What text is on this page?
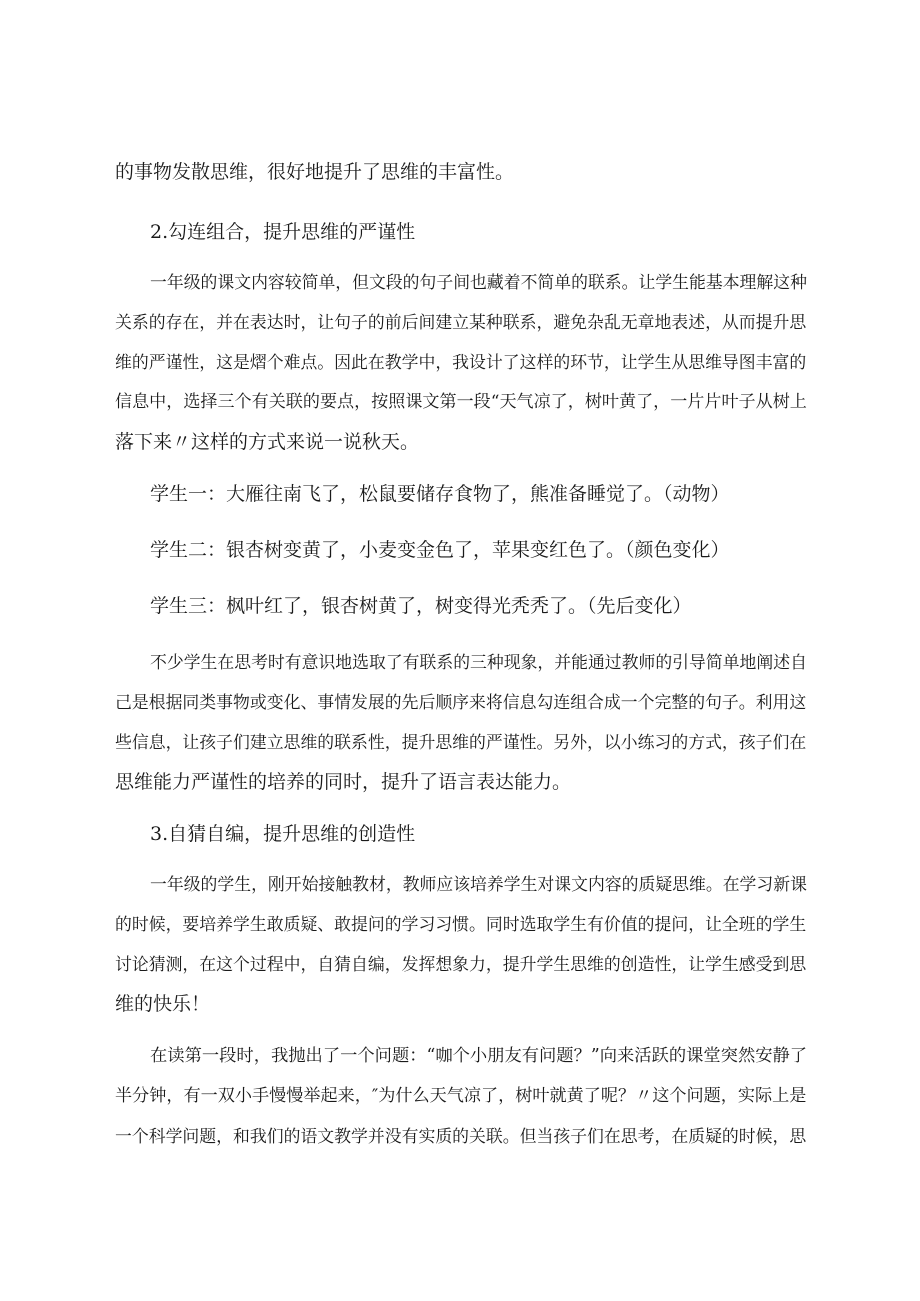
的事物发散思维，很好地提升了思维的丰富性。
2.勾连组合，提升思维的严谨性
一年级的课文内容较简单，但文段的句子间也藏着不简单的联系。让学生能基本理解这种
关系的存在，并在表达时，让句子的前后间建立某种联系，避免杂乱无章地表述，从而提升思
维的严谨性，这是熠个难点。因此在教学中，我设计了这样的环节，让学生从思维导图丰富的
信息中，选择三个有关联的要点，按照课文第一段“天气凉了，树叶黄了，一片片叶子从树上
落下来〃这样的方式来说一说秋天。
学生一：大雁往南飞了，松鼠要储存食物了，熊准备睡觉了。（动物）
学生二：银杏树变黄了，小麦变金色了，苹果变红色了。（颜色变化）
学生三：枫叶红了，银杏树黄了，树变得光秃秃了。（先后变化）
不少学生在思考时有意识地选取了有联系的三种现象，并能通过教师的引导简单地阐述自
己是根据同类事物或变化、事情发展的先后顺序来将信息勾连组合成一个完整的句子。利用这
些信息，让孩子们建立思维的联系性，提升思维的严谨性。另外，以小练习的方式，孩子们在
思维能力严谨性的培养的同时，提升了语言表达能力。
3.自猜自编，提升思维的创造性
一年级的学生，刚开始接触教材，教师应该培养学生对课文内容的质疑思维。在学习新课
的时候，要培养学生敢质疑、敢提问的学习习惯。同时选取学生有价值的提问，让全班的学生
讨论猜测，在这个过程中，自猜自编，发挥想象力，提升学生思维的创造性，让学生感受到思
维的快乐！
在读第一段时，我抛出了一个问题：“咖个小朋友有问题？”向来活跃的课堂突然安静了
半分钟，有一双小手慢慢举起来，″为什么天气凉了，树叶就黄了呢？〃这个问题，实际上是
一个科学问题，和我们的语文教学并没有实质的关联。但当孩子们在思考，在质疑的时候，思
